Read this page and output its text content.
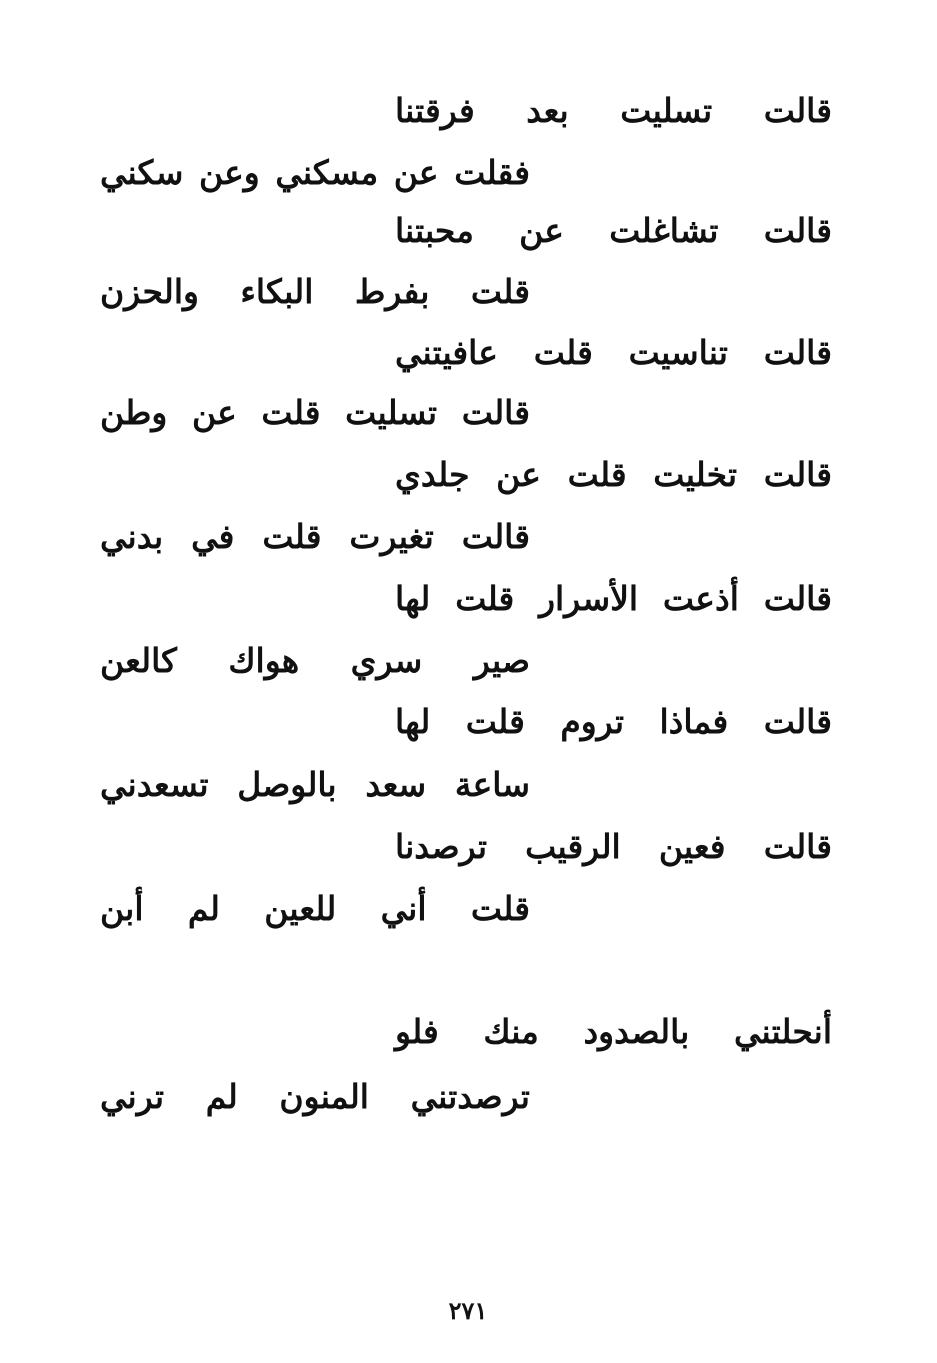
قالت
تسليت
بعد
فرقتنا
فقلت
عن
مسكني
وعن
سكني
قالت
تشاغلت
عن
محبتنا
قلت
بفرط
البكاء
والحزن
قالت
تناسيت
قلت
عافيتني
قالت
تسليت
قلت
عن
وطن
قالت
تخليت
قلت
عن
جلدي
قالت
تغيرت
قلت
في
بدني
قالت
أذعت
الأسرار
قلت
لها
صير
سري
هواك
كالعن
قالت
فماذا
تروم
قلت
لها
ساعة
سعد
بالوصل
تسعدني
قالت
فعين
الرقيب
ترصدنا
قلت
أني
للعين
لم
أبن
أنحلتني
بالصدود
منك
فلو
ترصدتني
المنون
لم
ترني
٢٧١
